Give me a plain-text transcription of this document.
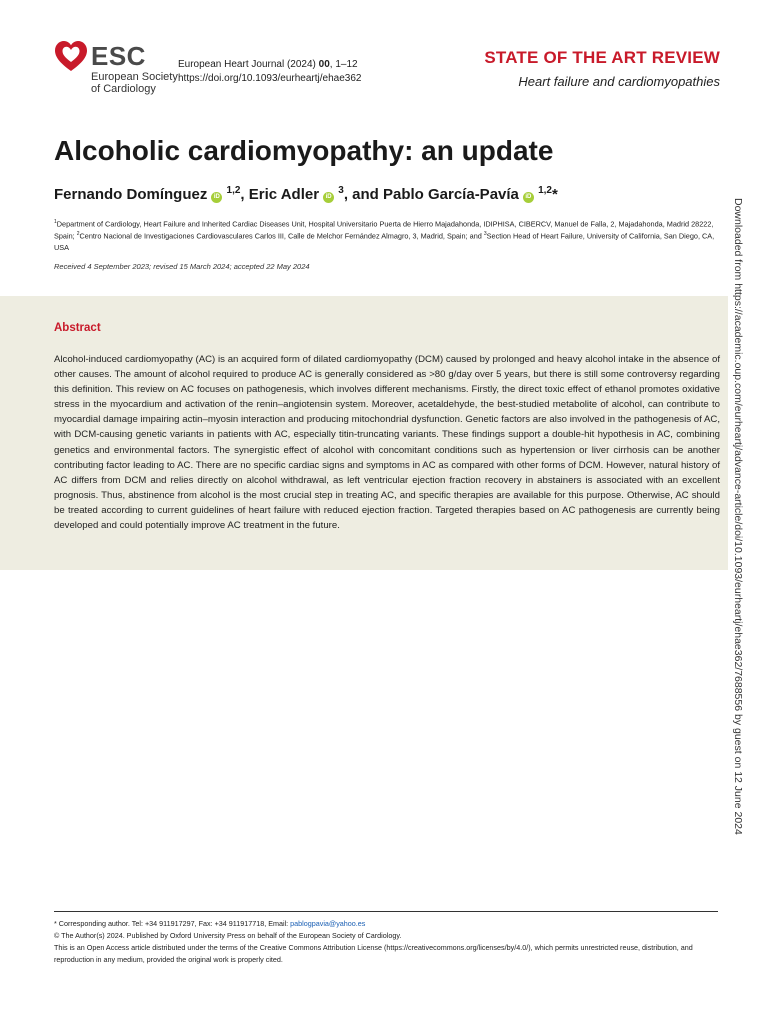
ESC
European Society
of Cardiology
European Heart Journal (2024) 00, 1–12
https://doi.org/10.1093/eurheartj/ehae362
STATE OF THE ART REVIEW
Heart failure and cardiomyopathies
Alcoholic cardiomyopathy: an update
Fernando Domínguez iD $^{1,2}$, Eric Adler iD $^3$, and Pablo García-Pavía iD $^{1,2}$*
$^1$Department of Cardiology, Heart Failure and Inherited Cardiac Diseases Unit, Hospital Universitario Puerta de Hierro Majadahonda, IDIPHISA, CIBERCV, Manuel de Falla, 2, Majadahonda, Madrid 28222, Spain; $^2$Centro Nacional de Investigaciones Cardiovasculares Carlos III, Calle de Melchor Fernández Almagro, 3, Madrid, Spain; and $^3$Section Head of Heart Failure, University of California, San Diego, CA, USA
Received 4 September 2023; revised 15 March 2024; accepted 22 May 2024
Abstract

Alcohol-induced cardiomyopathy (AC) is an acquired form of dilated cardiomyopathy (DCM) caused by prolonged and heavy alcohol intake in the absence of other causes. The amount of alcohol required to produce AC is generally considered as >80 g/day over 5 years, but there is still some controversy regarding this definition. This review on AC focuses on pathogenesis, which involves different mechanisms. Firstly, the direct toxic effect of ethanol promotes oxidative stress in the myocardium and activation of the renin–angiotensin system. Moreover, acetaldehyde, the best-studied metabolite of alcohol, can contribute to myocardial damage impairing actin–myosin interaction and producing mitochondrial dysfunction. Genetic factors are also involved in the pathogenesis of AC, with DCM-causing genetic variants in patients with AC, especially titin-truncating variants. These findings support a double-hit hypothesis in AC, combining genetics and environmental factors. The synergistic effect of alcohol with concomitant conditions such as hypertension or liver cirrhosis can be another contributing factor leading to AC. There are no specific cardiac signs and symptoms in AC as compared with other forms of DCM. However, natural history of AC differs from DCM and relies directly on alcohol withdrawal, as left ventricular ejection fraction recovery in abstainers is associated with an excellent prognosis. Thus, abstinence from alcohol is the most crucial step in treating AC, and specific therapies are available for this purpose. Otherwise, AC should be treated according to current guidelines of heart failure with reduced ejection fraction. Targeted therapies based on AC pathogenesis are currently being developed and could potentially improve AC treatment in the future.	Downloaded from https://academic.oup.com/eurheartj/advance-article/doi/10.1093/eurheartj/ehae362/7688556 by guest on 12 June 2024
* Corresponding author. Tel: +34 911917297, Fax: +34 911917718, Email: pablogpavia@yahoo.es
© The Author(s) 2024. Published by Oxford University Press on behalf of the European Society of Cardiology.
This is an Open Access article distributed under the terms of the Creative Commons Attribution License (https://creativecommons.org/licenses/by/4.0/), which permits unrestricted reuse, distribution, and reproduction in any medium, provided the original work is properly cited.
